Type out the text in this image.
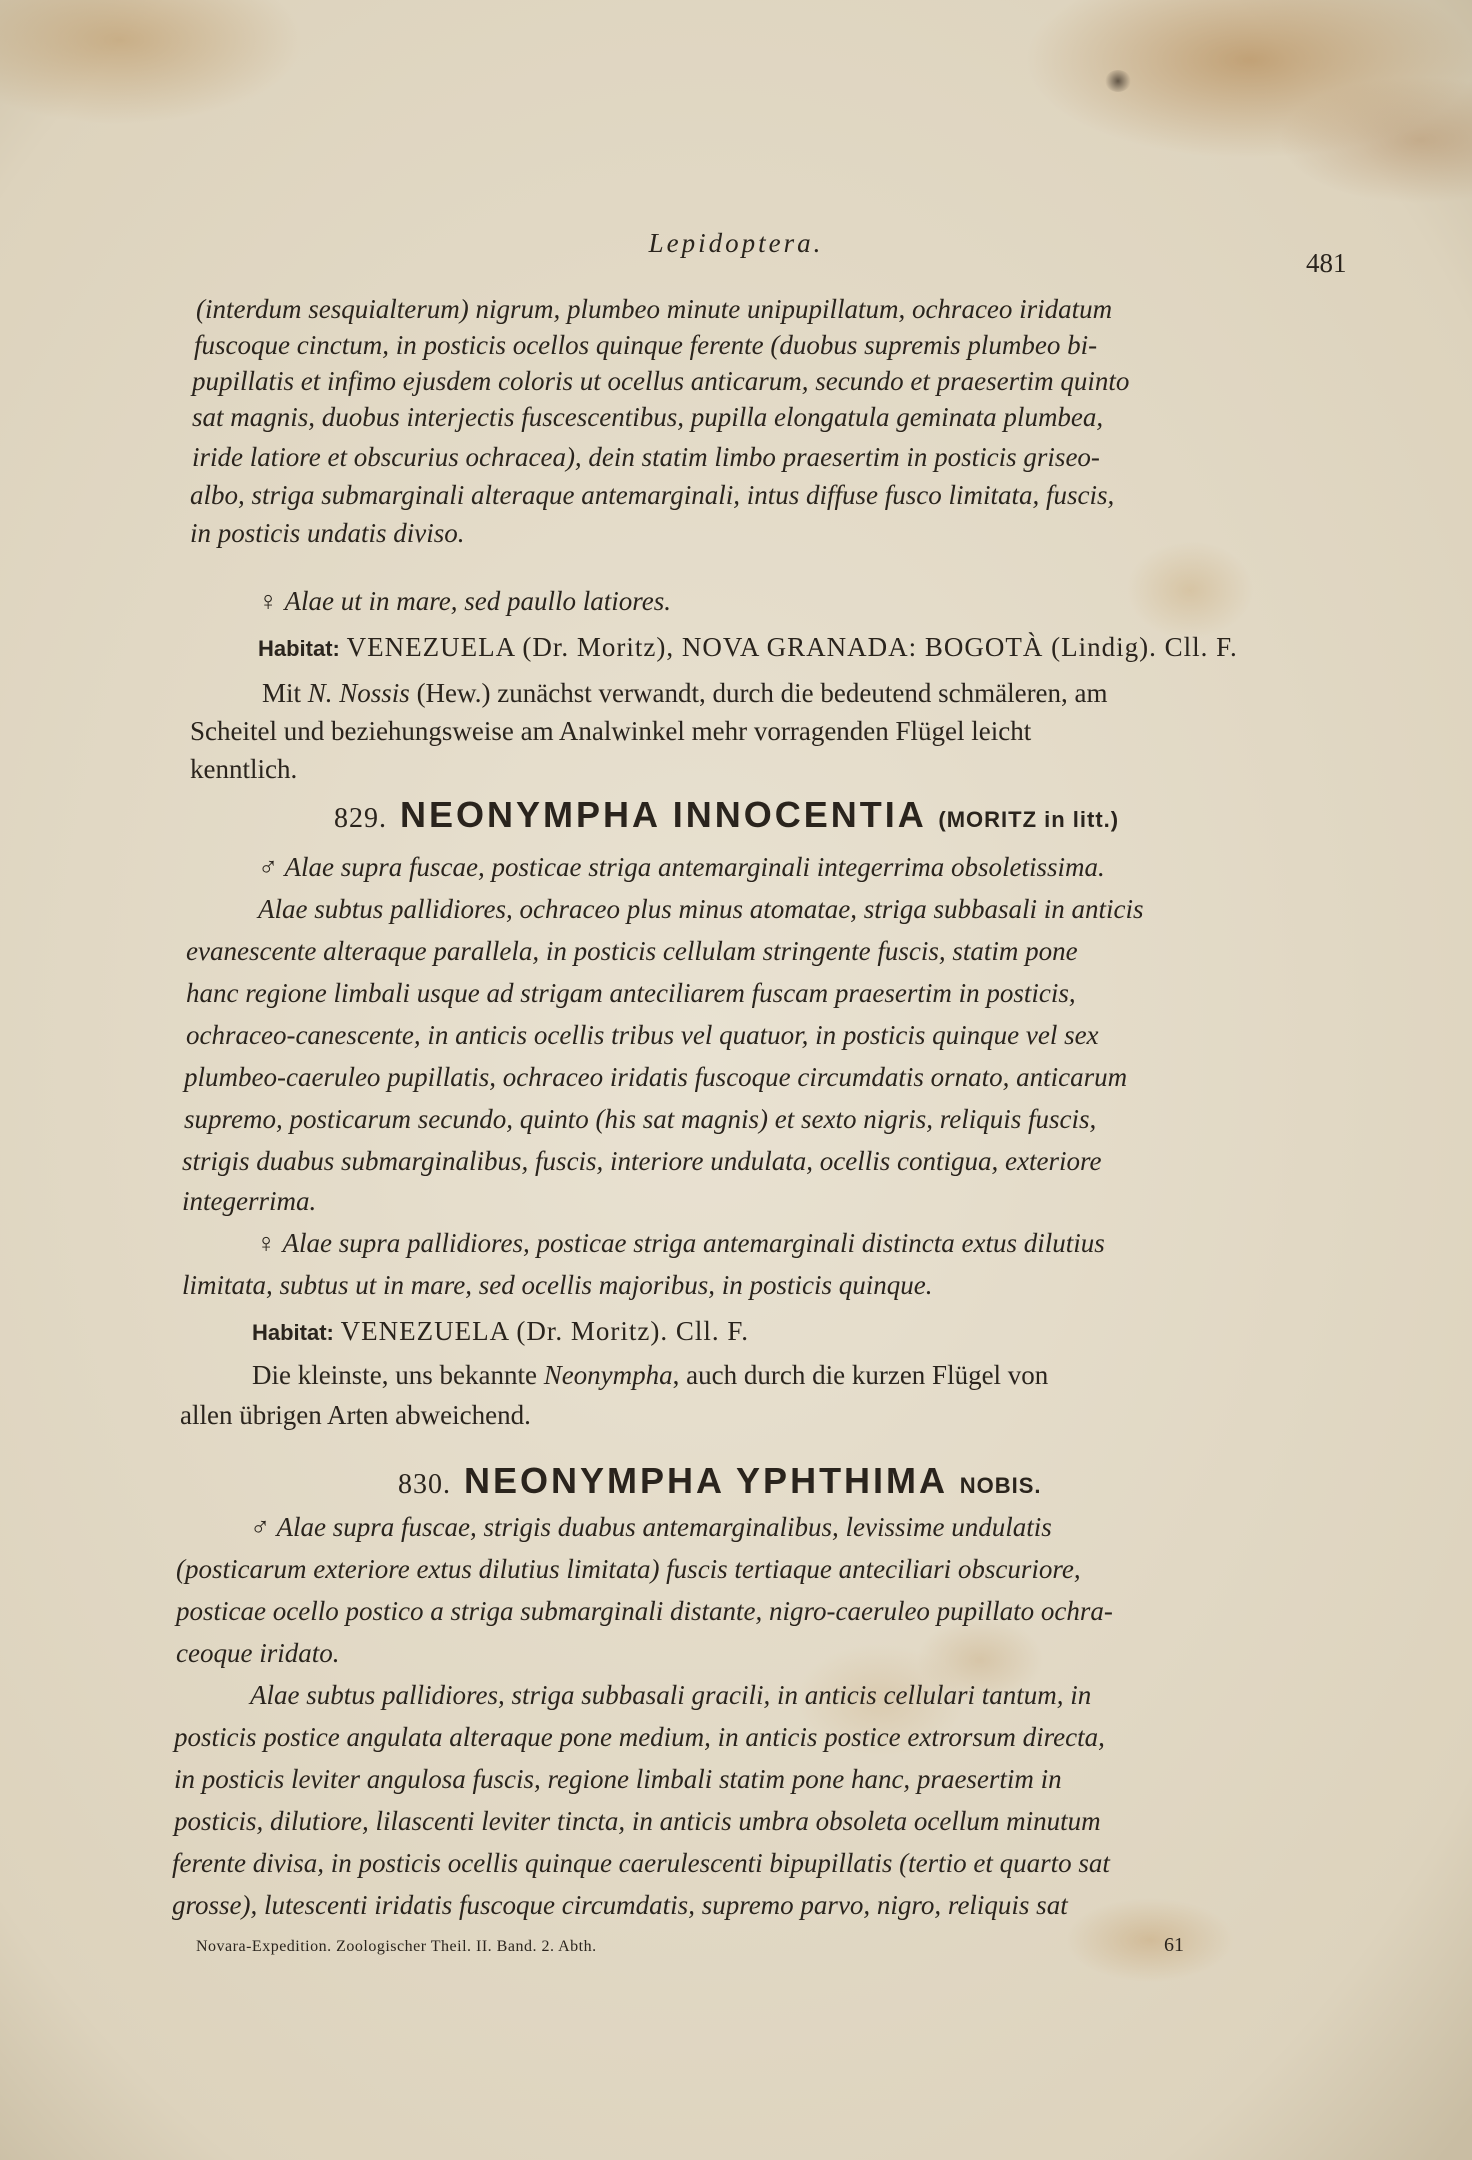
Lepidoptera.
481
(interdum sesquialterum) nigrum, plumbeo minute unipupillatum, ochraceo iridatum
fuscoque cinctum, in posticis ocellos quinque ferente (duobus supremis plumbeo bi-
pupillatis et infimo ejusdem coloris ut ocellus anticarum, secundo et praesertim quinto
sat magnis, duobus interjectis fuscescentibus, pupilla elongatula geminata plumbea,
iride latiore et obscurius ochracea), dein statim limbo praesertim in posticis griseo-
albo, striga submarginali alteraque antemarginali, intus diffuse fusco limitata, fuscis,
in posticis undatis diviso.
♀ Alae ut in mare, sed paullo latiores.
Habitat: VENEZUELA (Dr. Moritz), NOVA GRANADA: BOGOTÀ (Lindig). Cll. F.
Mit N. Nossis (Hew.) zunächst verwandt, durch die bedeutend schmäleren, am
Scheitel und beziehungsweise am Analwinkel mehr vorragenden Flügel leicht
kenntlich.
829. NEONYMPHA INNOCENTIA (MORITZ in litt.)
♂ Alae supra fuscae, posticae striga antemarginali integerrima obsoletissima.
Alae subtus pallidiores, ochraceo plus minus atomatae, striga subbasali in anticis
evanescente alteraque parallela, in posticis cellulam stringente fuscis, statim pone
hanc regione limbali usque ad strigam anteciliarem fuscam praesertim in posticis,
ochraceo-canescente, in anticis ocellis tribus vel quatuor, in posticis quinque vel sex
plumbeo-caeruleo pupillatis, ochraceo iridatis fuscoque circumdatis ornato, anticarum
supremo, posticarum secundo, quinto (his sat magnis) et sexto nigris, reliquis fuscis,
strigis duabus submarginalibus, fuscis, interiore undulata, ocellis contigua, exteriore
integerrima.
♀ Alae supra pallidiores, posticae striga antemarginali distincta extus dilutius
limitata, subtus ut in mare, sed ocellis majoribus, in posticis quinque.
Habitat: VENEZUELA (Dr. Moritz). Cll. F.
Die kleinste, uns bekannte Neonympha, auch durch die kurzen Flügel von
allen übrigen Arten abweichend.
830. NEONYMPHA YPHTHIMA NOBIS.
♂ Alae supra fuscae, strigis duabus antemarginalibus, levissime undulatis
(posticarum exteriore extus dilutius limitata) fuscis tertiaque anteciliari obscuriore,
posticae ocello postico a striga submarginali distante, nigro-caeruleo pupillato ochra-
ceoque iridato.
Alae subtus pallidiores, striga subbasali gracili, in anticis cellulari tantum, in
posticis postice angulata alteraque pone medium, in anticis postice extrorsum directa,
in posticis leviter angulosa fuscis, regione limbali statim pone hanc, praesertim in
posticis, dilutiore, lilascenti leviter tincta, in anticis umbra obsoleta ocellum minutum
ferente divisa, in posticis ocellis quinque caerulescenti bipupillatis (tertio et quarto sat
grosse), lutescenti iridatis fuscoque circumdatis, supremo parvo, nigro, reliquis sat
Novara-Expedition. Zoologischer Theil. II. Band. 2. Abth.	61
